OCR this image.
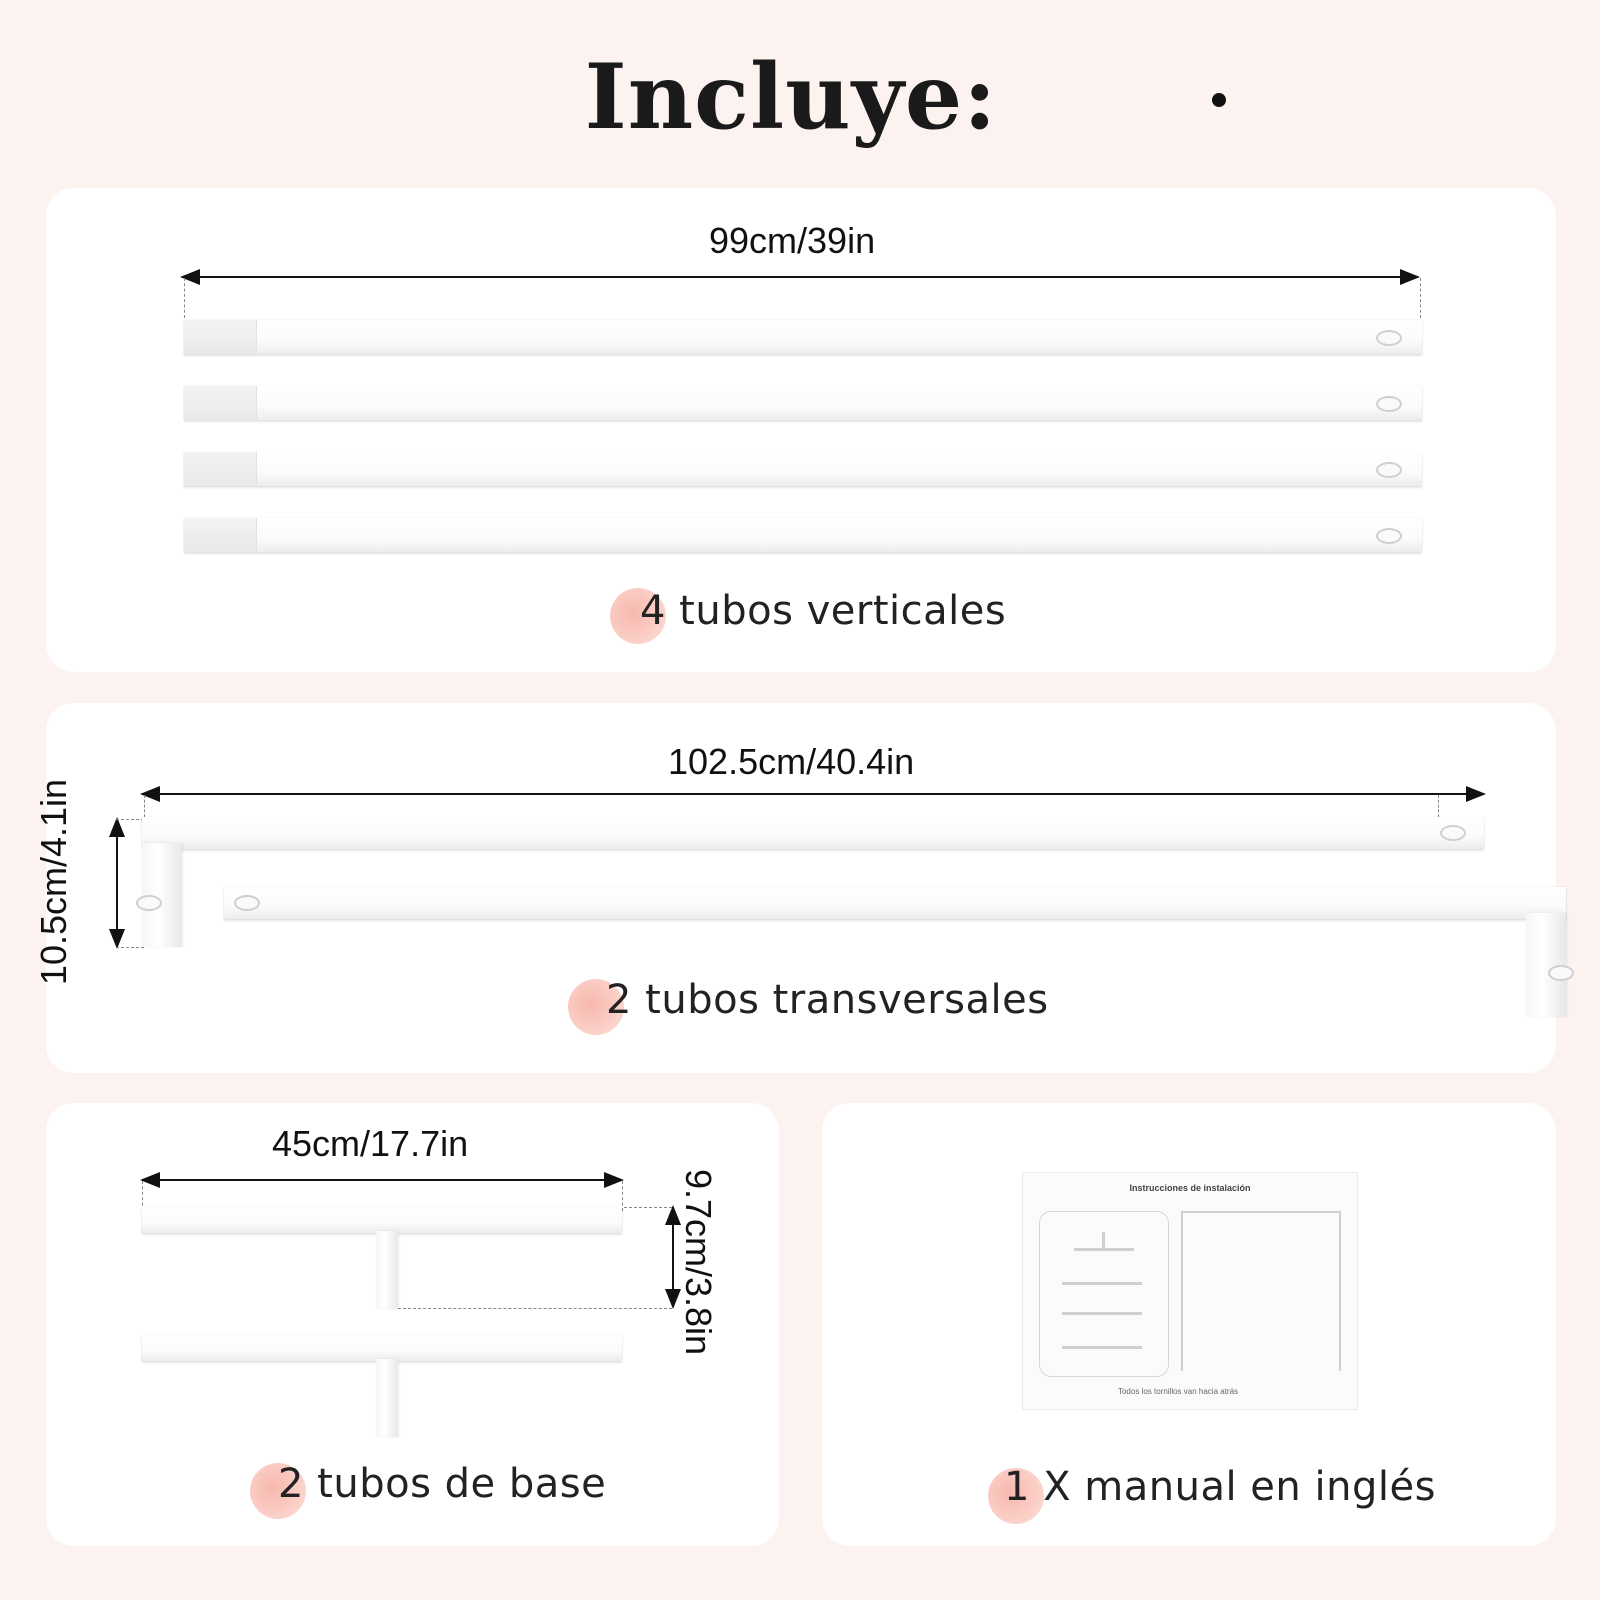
Incluye:
99cm/39in
4 tubos verticales
102.5cm/40.4in
10.5cm/4.1in
2 tubos transversales
45cm/17.7in
9.7cm/3.8in
2 tubos de base
Instrucciones de instalación
Todos los tornillos van hacia atrás
1 X manual en inglés
